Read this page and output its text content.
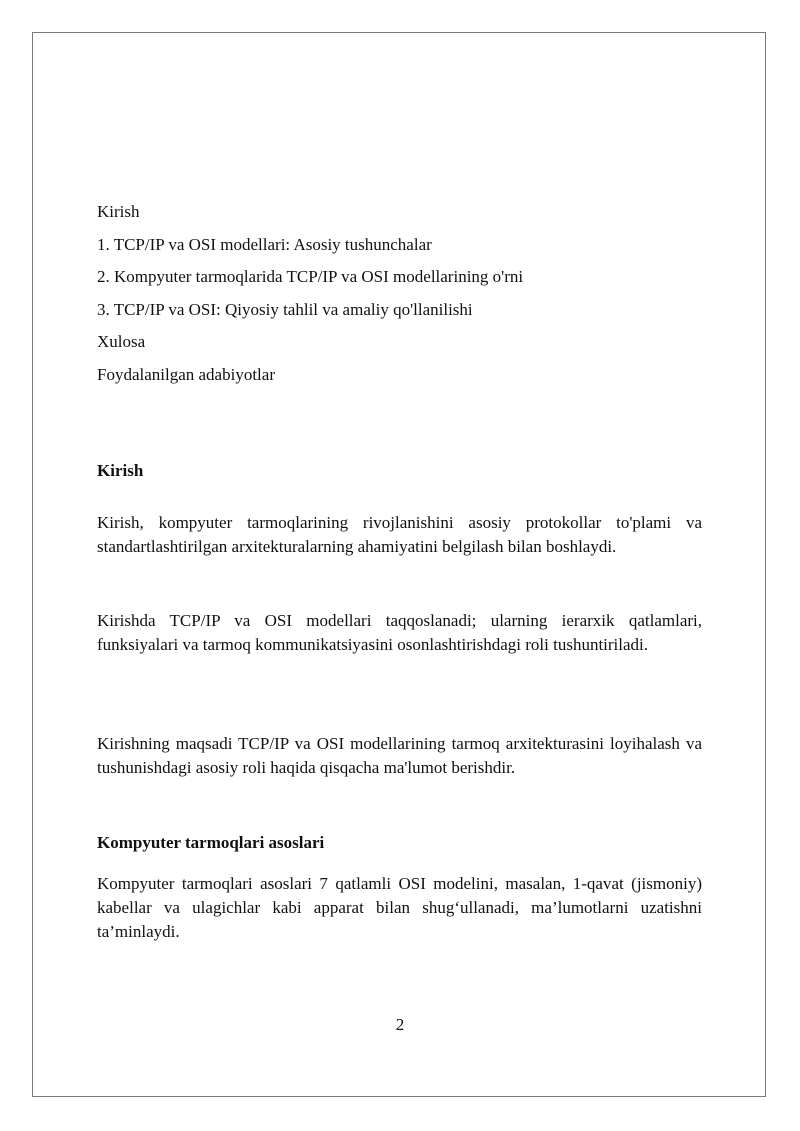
Kirish
1. TCP/IP va OSI modellari: Asosiy tushunchalar
2. Kompyuter tarmoqlarida TCP/IP va OSI modellarining o'rni
3. TCP/IP va OSI: Qiyosiy tahlil va amaliy qo'llanilishi
Xulosa
Foydalanilgan adabiyotlar
Kirish

Kirish, kompyuter tarmoqlarining rivojlanishini asosiy protokollar to'plami va standartlashtirilgan arxitekturalarning ahamiyatini belgilash bilan boshlaydi.

Kirishda TCP/IP va OSI modellari taqqoslanadi; ularning ierarxik qatlamlari, funksiyalari va tarmoq kommunikatsiyasini osonlashtirishdagi roli tushuntiriladi.

Kirishning maqsadi TCP/IP va OSI modellarining tarmoq arxitekturasini loyihalash va tushunishdagi asosiy roli haqida qisqacha ma'lumot berishdir.

Kompyuter tarmoqlari asoslari

Kompyuter tarmoqlari asoslari 7 qatlamli OSI modelini, masalan, 1-qavat (jismoniy) kabellar va ulagichlar kabi apparat bilan shug‘ullanadi, ma’lumotlarni uzatishni ta’minlaydi.

2
